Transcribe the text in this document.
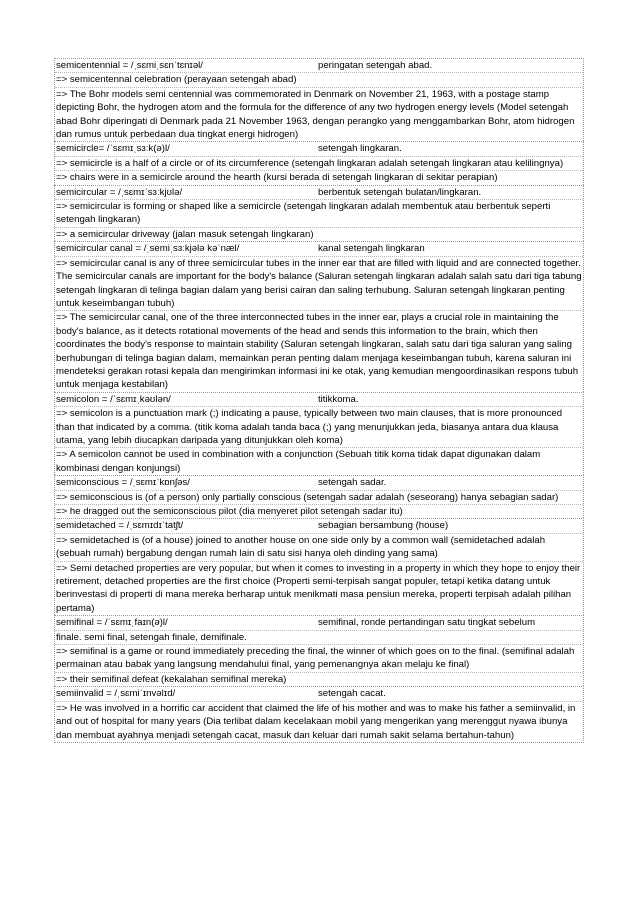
semicentennial = /ˌsɛmiˌsɛnˈtɛnɪəl/	peringatan setengah abad.
=> semicentennal celebration (perayaan setengah abad)
=> The Bohr models semi centennial was commemorated in Denmark on November 21, 1963, with a postage stamp depicting Bohr, the hydrogen atom and the formula for the difference of any two hydrogen energy levels (Model setengah abad Bohr diperingati di Denmark pada 21 November 1963, dengan perangko yang menggambarkan Bohr, atom hidrogen dan rumus untuk perbedaan dua tingkat energi hidrogen)
semicircle= /ˈsɛmɪˌsɜːk(ə)l/	setengah lingkaran.
=> semicircle is a half of a circle or of its circumference (setengah lingkaran adalah setengah lingkaran atau kelilingnya)
=> chairs were in a semicircle around the hearth (kursi berada di setengah lingkaran di sekitar perapian)
semicircular = /ˌsɛmɪˈsɜːkjʊlə/	berbentuk setengah bulatan/lingkaran.
=> semicircular is forming or shaped like a semicircle (setengah lingkaran adalah membentuk atau berbentuk seperti setengah lingkaran)
=> a semicircular driveway (jalan masuk setengah lingkaran)
semicircular canal = /ˌsemiˌsɜːkjələ kəˈnæl/	kanal setengah lingkaran
=> semicircular canal is any of three semicircular tubes in the inner ear that are filled with liquid and are connected together. The semicircular canals are important for the body's balance (Saluran setengah lingkaran adalah salah satu dari tiga tabung setengah lingkaran di telinga bagian dalam yang berisi cairan dan saling terhubung. Saluran setengah lingkaran penting untuk keseimbangan tubuh)
=> The semicircular canal, one of the three interconnected tubes in the inner ear, plays a crucial role in maintaining the body's balance, as it detects rotational movements of the head and sends this information to the brain, which then coordinates the body's response to maintain stability (Saluran setengah lingkaran, salah satu dari tiga saluran yang saling berhubungan di telinga bagian dalam, memainkan peran penting dalam menjaga keseimbangan tubuh, karena saluran ini mendeteksi gerakan rotasi kepala dan mengirimkan informasi ini ke otak, yang kemudian mengoordinasikan respons tubuh untuk menjaga kestabilan)
semicolon = /ˈsɛmɪˌkəʊlən/	titikkoma.
=> semicolon is a punctuation mark (;) indicating a pause, typically between two main clauses, that is more pronounced than that indicated by a comma. (titik koma adalah tanda baca (;) yang menunjukkan jeda, biasanya antara dua klausa utama, yang lebih diucapkan daripada yang ditunjukkan oleh koma)
=> A semicolon cannot be used in combination with a conjunction (Sebuah titik koma tidak dapat digunakan dalam kombinasi dengan konjungsi)
semiconscious = /ˌsɛmɪˈkɒnʃəs/	setengah sadar.
=> semiconscious is (of a person) only partially conscious (setengah sadar adalah (seseorang) hanya sebagian sadar)
=> he dragged out the semiconscious pilot (dia menyeret pilot setengah sadar itu)
semidetached = /ˌsɛmɪdɪˈtatʃt/	sebagian bersambung (house)
=> semidetached is (of a house) joined to another house on one side only by a common wall (semidetached adalah (sebuah rumah) bergabung dengan rumah lain di satu sisi hanya oleh dinding yang sama)
=> Semi detached properties are very popular, but when it comes to investing in a property in which they hope to enjoy their retirement, detached properties are the first choice (Properti semi-terpisah sangat populer, tetapi ketika datang untuk berinvestasi di properti di mana mereka berharap untuk menikmati masa pensiun mereka, properti terpisah adalah pilihan pertama)
semifinal = /ˈsɛmɪˌfaɪn(ə)l/	semifinal, ronde pertandingan satu tingkat sebelum
finale. semi final, setengah finale, demifinale.
=> semifinal is a game or round immediately preceding the final, the winner of which goes on to the final. (semifinal adalah permainan atau babak yang langsung mendahului final, yang pemenangnya akan melaju ke final)
=> their semifinal defeat (kekalahan semifinal mereka)
semiinvalid = /ˌsɛmiˈɪnvəlɪd/	setengah cacat.
=> He was involved in a horrific car accident that claimed the life of his mother and was to make his father a semiinvalid, in and out of hospital for many years (Dia terlibat dalam kecelakaan mobil yang mengerikan yang merenggut nyawa ibunya dan membuat ayahnya menjadi setengah cacat, masuk dan keluar dari rumah sakit selama bertahun-tahun)
